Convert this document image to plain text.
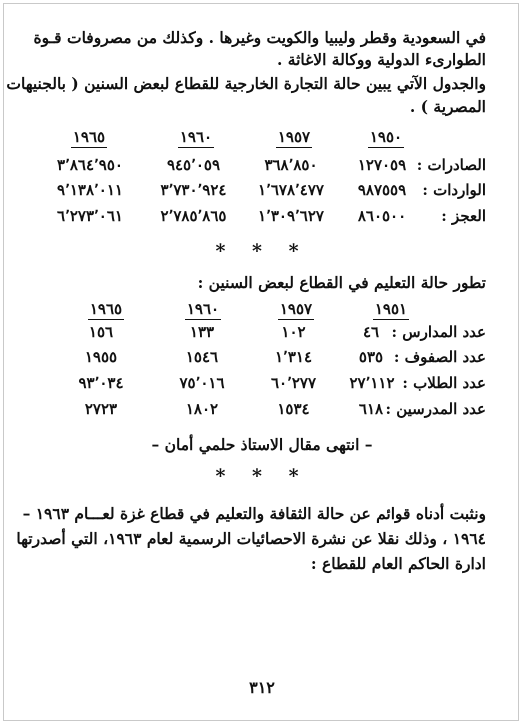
في السعودية وقطر وليبيا والكويت وغيرها . وكذلك من مصروفات قـوة
الطوارىء الدولية ووكالة الاغاثة .
والجدول الآتي يبين حالة التجارة الخارجية للقطاع لبعض السنين ( بالجنيهات
المصرية ) .
١٩٥٠
١٩٥٧
١٩٦٠
١٩٦٥
الصادرات :
١٢٧٠٥٩
٣٦٨٬٨٥٠
٩٤٥٬٠٥٩
٣٬٨٦٤٬٩٥٠
الواردات :
٩٨٧٥٥٩
١٬٦٧٨٬٤٧٧
٣٬٧٣٠٬٩٢٤
٩٬١٣٨٬٠١١
العجز :
٨٦٠٥٠٠
١٬٣٠٩٬٦٢٧
٢٬٧٨٥٬٨٦٥
٦٬٢٧٣٬٠٦١
* * *
تطور حالة التعليم في القطاع لبعض السنين :
١٩٥١
١٩٥٧
١٩٦٠
١٩٦٥
عدد المدارس :
٤٦
١٠٢
١٣٣
١٥٦
عدد الصفوف :
٥٣٥
١٬٣١٤
١٥٤٦
١٩٥٥
عدد الطلاب :
٢٧٬١١٢
٦٠٬٢٧٧
٧٥٬٠١٦
٩٣٬٠٣٤
عدد المدرسين :
٦١٨
١٥٣٤
١٨٠٢
٢٧٢٣
– انتهى مقال الاستاذ حلمي أمان –
* * *
ونثبت أدناه قوائم عن حالة الثقافة والتعليم في قطاع غزة لعـــام ١٩٦٣ –
١٩٦٤ ، وذلك نقلا عن نشرة الاحصائيات الرسمية لعام ١٩٦٣، التي أصدرتها
ادارة الحاكم العام للقطاع :
٣١٢
